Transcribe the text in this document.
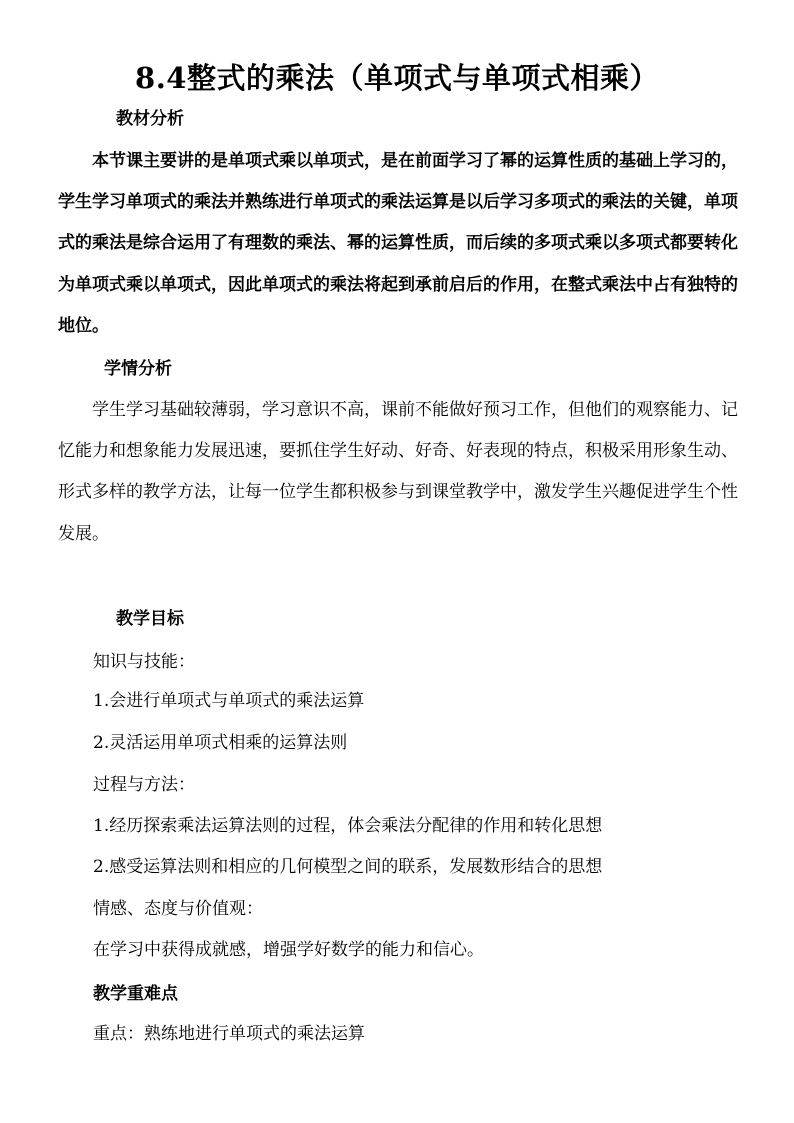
8.4整式的乘法（单项式与单项式相乘）
教材分析
本节课主要讲的是单项式乘以单项式，是在前面学习了幂的运算性质的基础上学习的，学生学习单项式的乘法并熟练进行单项式的乘法运算是以后学习多项式的乘法的关键，单项式的乘法是综合运用了有理数的乘法、幂的运算性质，而后续的多项式乘以多项式都要转化为单项式乘以单项式，因此单项式的乘法将起到承前启后的作用，在整式乘法中占有独特的地位。
学情分析
学生学习基础较薄弱，学习意识不高，课前不能做好预习工作，但他们的观察能力、记忆能力和想象能力发展迅速，要抓住学生好动、好奇、好表现的特点，积极采用形象生动、形式多样的教学方法，让每一位学生都积极参与到课堂教学中，激发学生兴趣促进学生个性发展。
教学目标
知识与技能：
1.会进行单项式与单项式的乘法运算
2.灵活运用单项式相乘的运算法则
过程与方法：
1.经历探索乘法运算法则的过程，体会乘法分配律的作用和转化思想
2.感受运算法则和相应的几何模型之间的联系，发展数形结合的思想
情感、态度与价值观：
在学习中获得成就感，增强学好数学的能力和信心。
教学重难点
重点：熟练地进行单项式的乘法运算
